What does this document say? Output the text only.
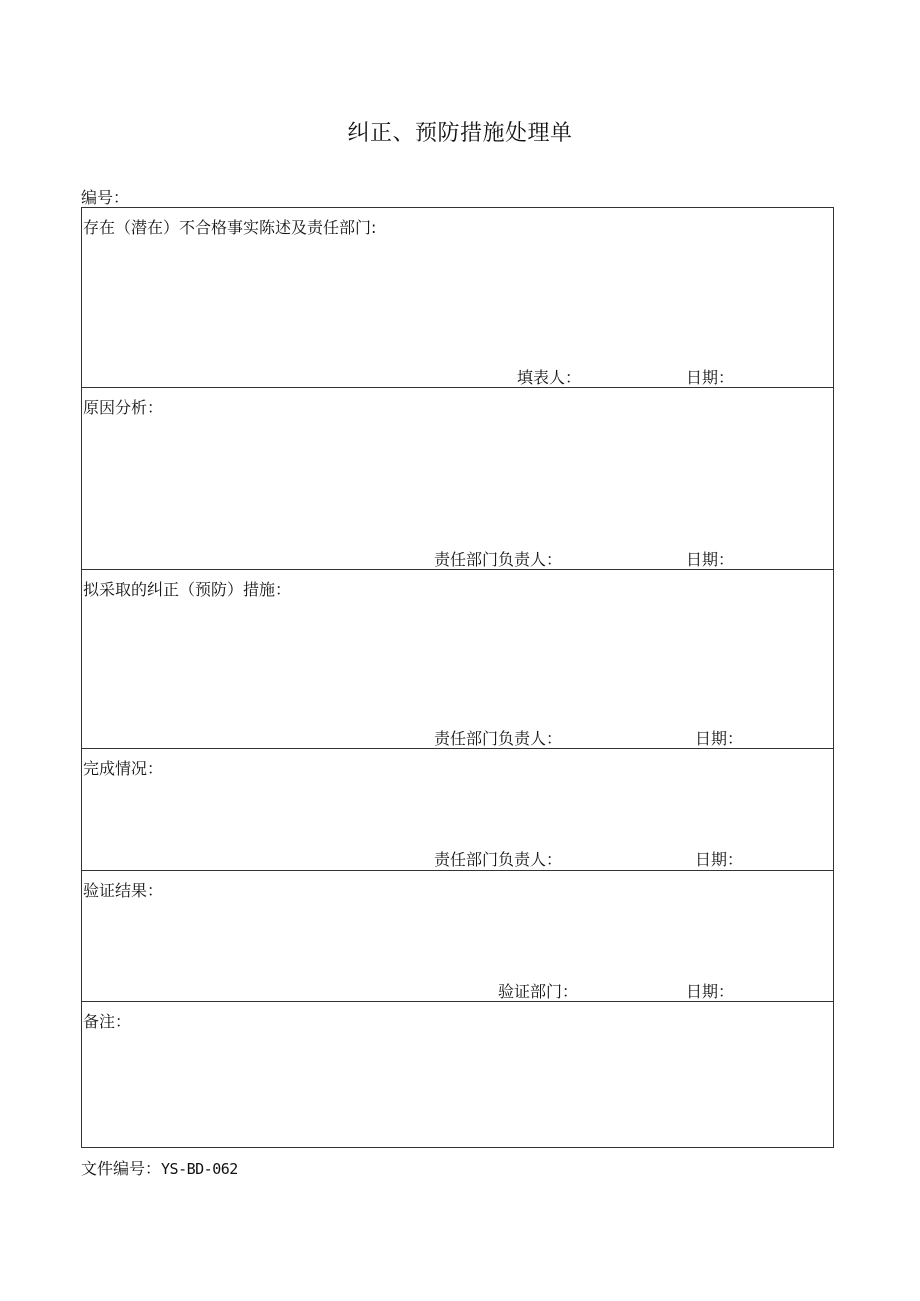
纠正、预防措施处理单
编号：
存在（潜在）不合格事实陈述及责任部门:
填表人：	日期：
原因分析：
责任部门负责人：	日期：
拟采取的纠正（预防）措施：
责任部门负责人：	日期：
完成情况：
责任部门负责人：	日期：
验证结果：
验证部门：	日期：
备注：
文件编号：YS-BD-062
